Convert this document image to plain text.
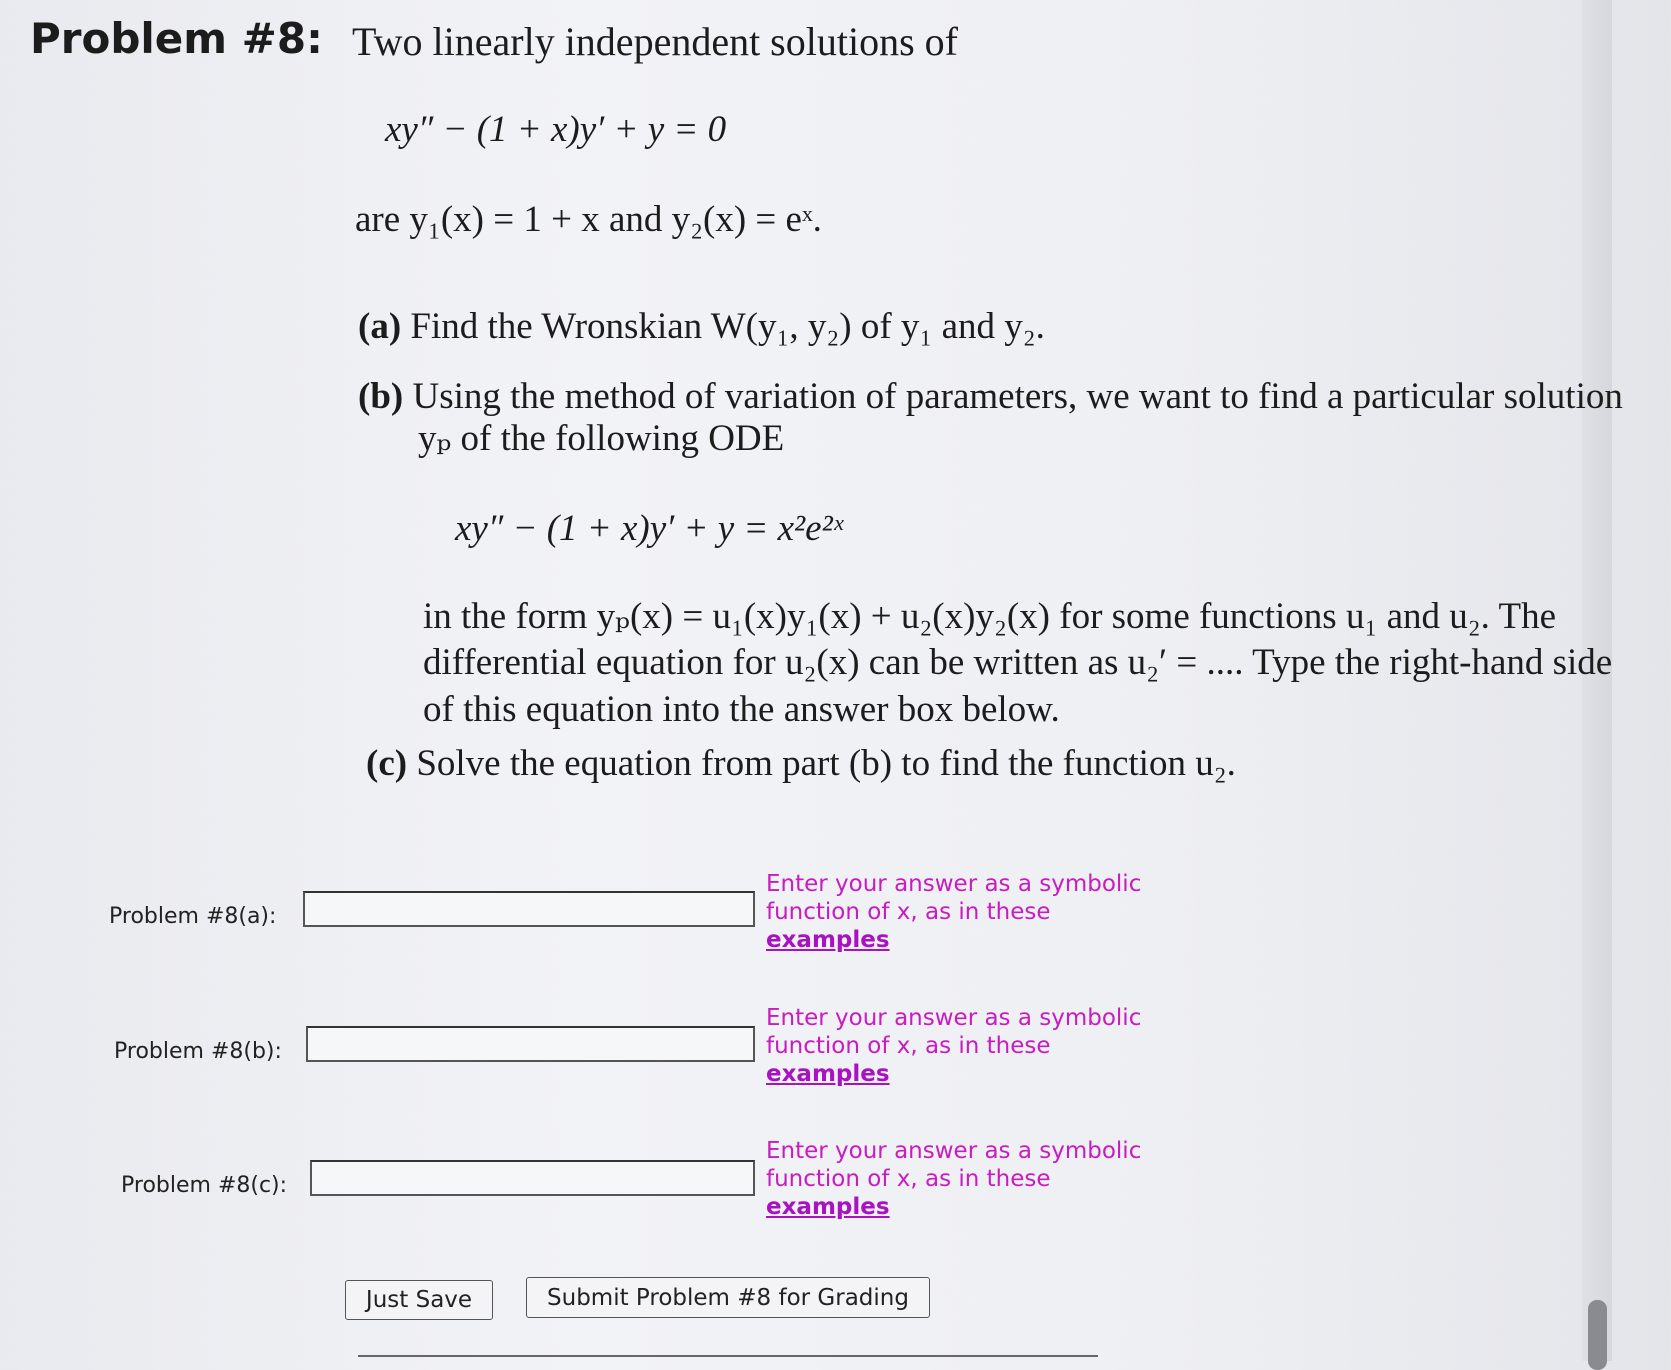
Problem #8: Two linearly independent solutions of
xy″ − (1 + x)y′ + y = 0
are y₁(x) = 1 + x and y₂(x) = eˣ.
(a) Find the Wronskian W(y₁, y₂) of y₁ and y₂.
(b) Using the method of variation of parameters, we want to find a particular solution
yₚ of the following ODE
xy″ − (1 + x)y′ + y = x²e²ˣ
in the form yₚ(x) = u₁(x)y₁(x) + u₂(x)y₂(x) for some functions u₁ and u₂. The
differential equation for u₂(x) can be written as u₂′ = .... Type the right-hand side
of this equation into the answer box below.
(c) Solve the equation from part (b) to find the function u₂.
Problem #8(a):
Enter your answer as a symbolic
function of x, as in these
examples
Problem #8(b):
Enter your answer as a symbolic
function of x, as in these
examples
Problem #8(c):
Enter your answer as a symbolic
function of x, as in these
examples
Just Save	Submit Problem #8 for Grading
